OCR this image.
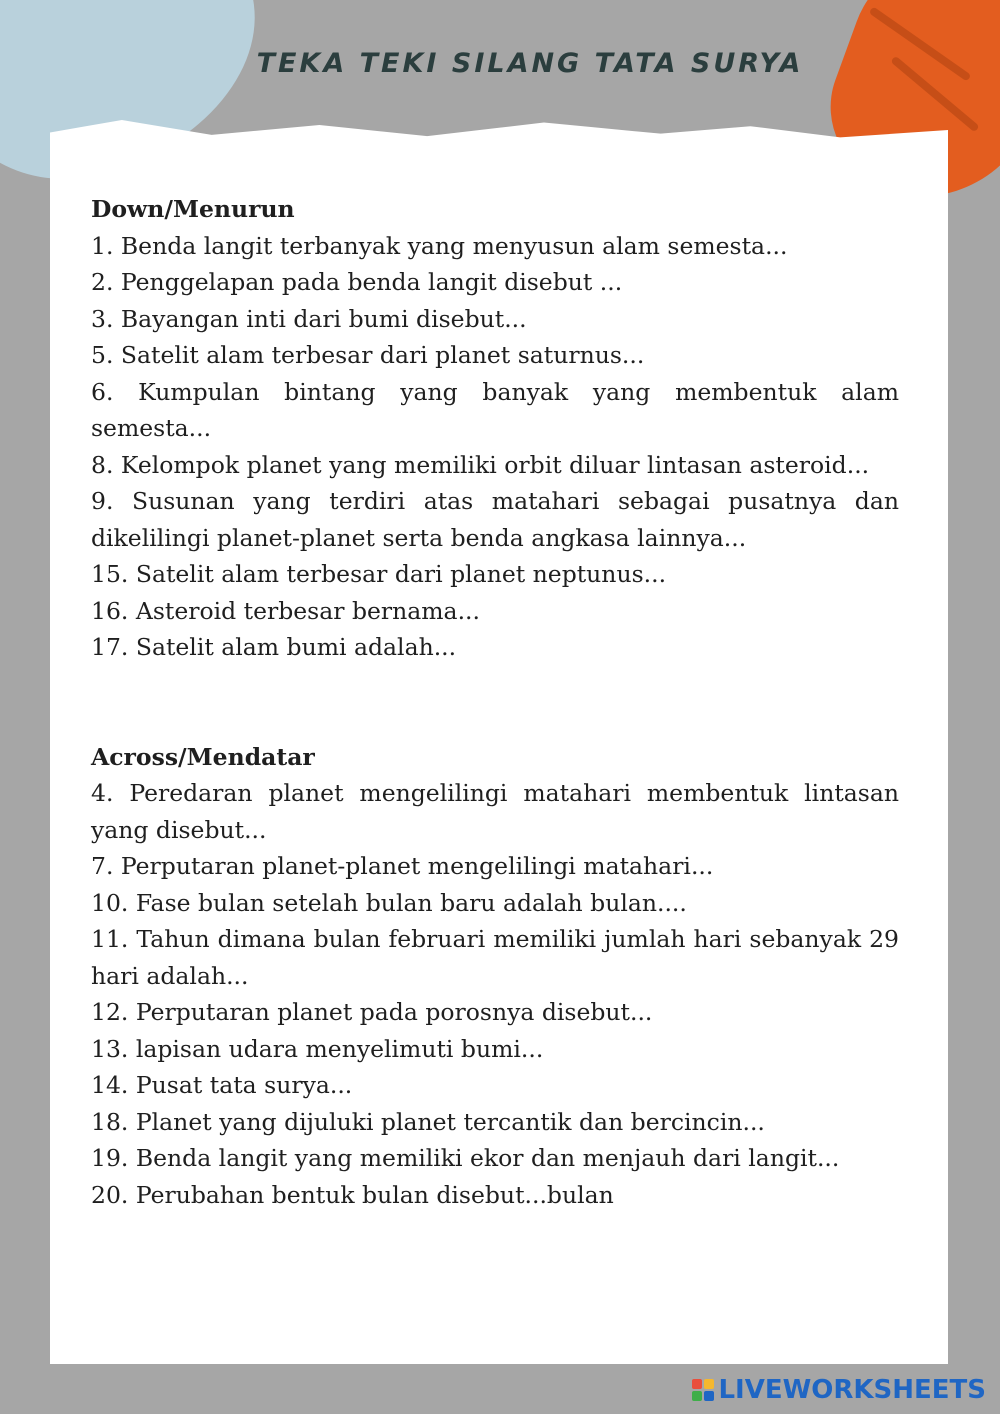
TEKA TEKI SILANG TATA SURYA
Down/Menurun
1. Benda langit terbanyak yang menyusun alam semesta...
2. Penggelapan pada benda langit disebut ...
3. Bayangan inti dari bumi disebut...
5. Satelit alam terbesar dari planet saturnus...
6. Kumpulan bintang yang banyak yang membentuk alam semesta...
8. Kelompok planet yang memiliki orbit diluar lintasan asteroid...
9. Susunan yang terdiri atas matahari sebagai pusatnya dan dikelilingi planet-planet serta benda angkasa lainnya...
15. Satelit alam terbesar dari planet neptunus...
16. Asteroid terbesar bernama...
17. Satelit alam bumi adalah...
Across/Mendatar
4. Peredaran planet mengelilingi matahari membentuk lintasan yang disebut...
7. Perputaran planet-planet mengelilingi matahari...
10. Fase bulan setelah bulan baru adalah bulan....
11. Tahun dimana bulan februari memiliki jumlah hari sebanyak 29 hari adalah...
12. Perputaran planet pada porosnya disebut...
13. lapisan udara menyelimuti bumi...
14. Pusat tata surya...
18. Planet yang dijuluki planet tercantik dan bercincin...
19. Benda langit yang memiliki ekor dan menjauh dari langit...
20. Perubahan bentuk bulan disebut...bulan
LIVEWORKSHEETS
